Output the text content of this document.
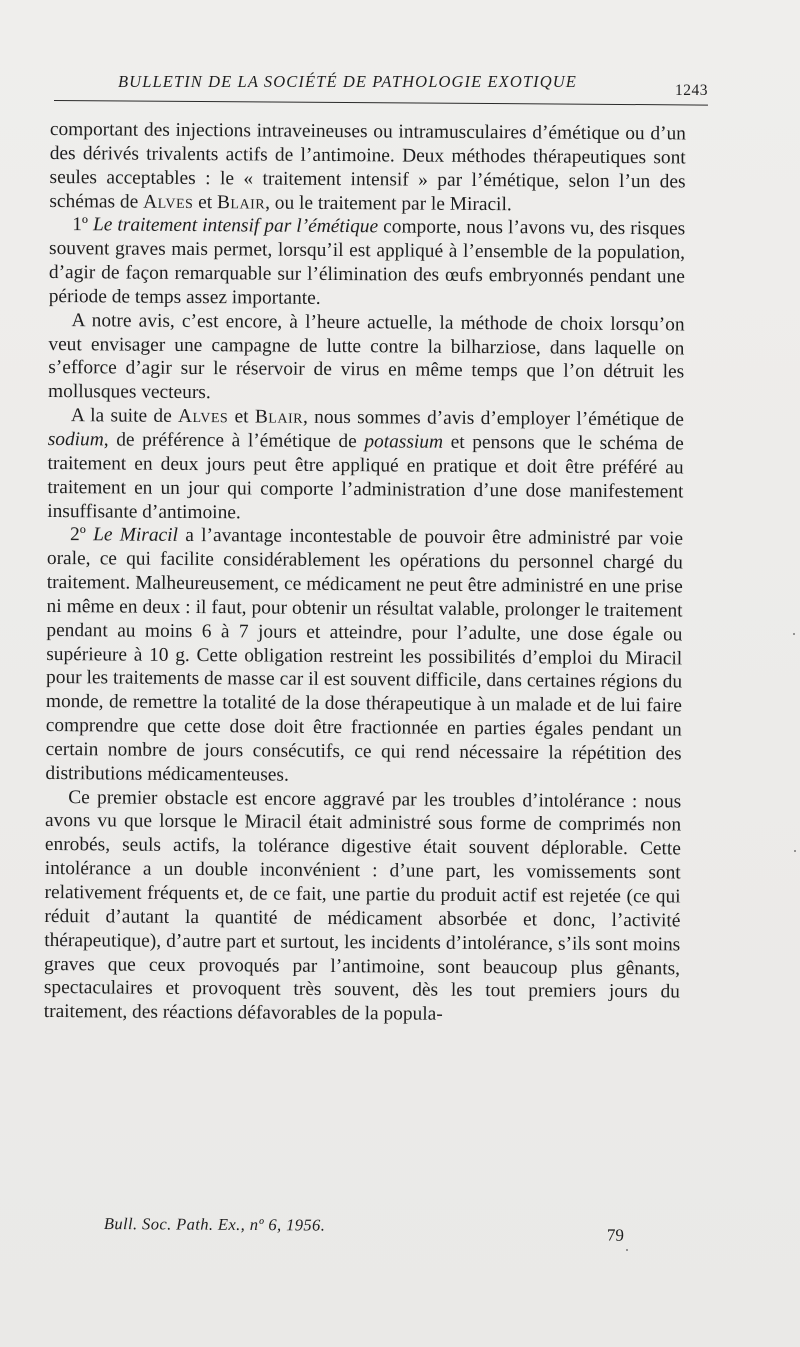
BULLETIN DE LA SOCIÉTÉ DE PATHOLOGIE EXOTIQUE	1243

comportant des injections intraveineuses ou intramusculaires d’émétique ou d’un des dérivés trivalents actifs de l’antimoine. Deux méthodes thérapeutiques sont seules acceptables : le « traitement intensif » par l’émétique, selon l’un des schémas de Alves et Blair, ou le traitement par le Miracil.

1º Le traitement intensif par l’émétique comporte, nous l’avons vu, des risques souvent graves mais permet, lorsqu’il est appliqué à l’ensemble de la population, d’agir de façon remarquable sur l’élimination des œufs embryonnés pendant une période de temps assez importante.

A notre avis, c’est encore, à l’heure actuelle, la méthode de choix lorsqu’on veut envisager une campagne de lutte contre la bilharziose, dans laquelle on s’efforce d’agir sur le réservoir de virus en même temps que l’on détruit les mollusques vecteurs.

A la suite de Alves et Blair, nous sommes d’avis d’employer l’émétique de sodium, de préférence à l’émétique de potassium et pensons que le schéma de traitement en deux jours peut être appliqué en pratique et doit être préféré au traitement en un jour qui comporte l’administration d’une dose manifestement insuffisante d’antimoine.

2º Le Miracil a l’avantage incontestable de pouvoir être administré par voie orale, ce qui facilite considérablement les opérations du personnel chargé du traitement. Malheureusement, ce médicament ne peut être administré en une prise ni même en deux : il faut, pour obtenir un résultat valable, prolonger le traitement pendant au moins 6 à 7 jours et atteindre, pour l’adulte, une dose égale ou supérieure à 10 g. Cette obligation restreint les possibilités d’emploi du Miracil pour les traitements de masse car il est souvent difficile, dans certaines régions du monde, de remettre la totalité de la dose thérapeutique à un malade et de lui faire comprendre que cette dose doit être fractionnée en parties égales pendant un certain nombre de jours consécutifs, ce qui rend nécessaire la répétition des distributions médicamenteuses.

Ce premier obstacle est encore aggravé par les troubles d’intolérance : nous avons vu que lorsque le Miracil était administré sous forme de comprimés non enrobés, seuls actifs, la tolérance digestive était souvent déplorable. Cette intolérance a un double inconvénient : d’une part, les vomissements sont relativement fréquents et, de ce fait, une partie du produit actif est rejetée (ce qui réduit d’autant la quantité de médicament absorbée et donc, l’activité thérapeutique), d’autre part et surtout, les incidents d’intolérance, s’ils sont moins graves que ceux provoqués par l’antimoine, sont beaucoup plus gênants, spectaculaires et provoquent très souvent, dès les tout premiers jours du traitement, des réactions défavorables de la popula-

Bull. Soc. Path. Ex., nº 6, 1956.
79
